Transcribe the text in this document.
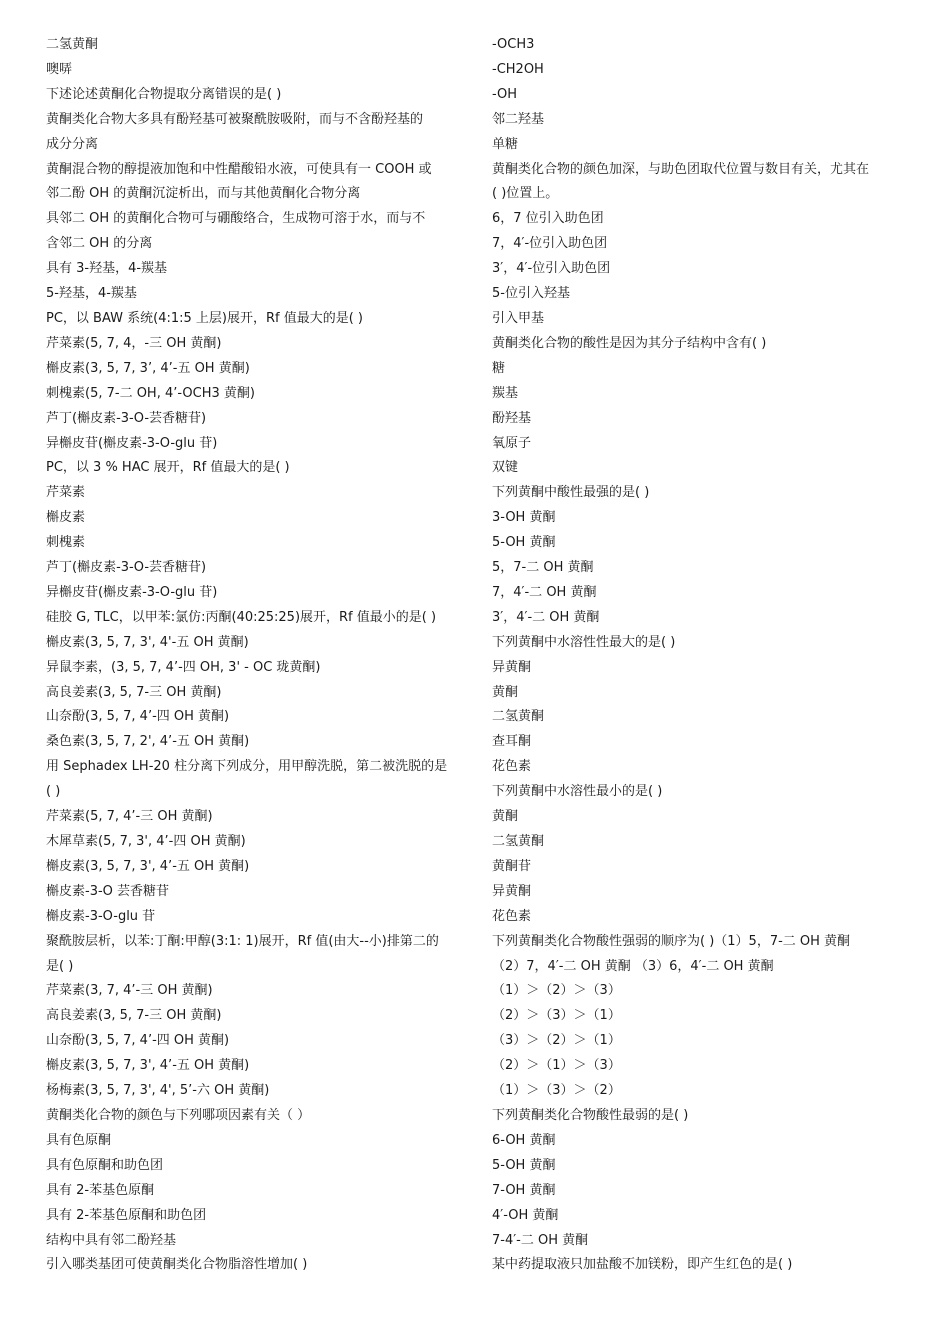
二氢黄酮
噢哢
下述论述黄酮化合物提取分离错误的是( )
黄酮类化合物大多具有酚羟基可被聚酰胺吸附，而与不含酚羟基的
成分分离
黄酮混合物的醇提液加饱和中性醋酸铅水液，可使具有一 COOH 或
邻二酚 OH 的黄酮沉淀析出，而与其他黄酮化合物分离
具邻二 OH 的黄酮化合物可与硼酸络合，生成物可溶于水，而与不
含邻二 OH 的分离
具有 3-羟基，4-羰基
5-羟基，4-羰基
PC，以 BAW 系统(4:1:5 上层)展开，Rf 值最大的是( )
芹菜素(5, 7, 4，-三 OH 黄酮)
槲皮素(3, 5, 7, 3’, 4’-五 OH 黄酮)
刺槐素(5, 7-二 OH, 4’-OCH3 黄酮)
芦丁(槲皮素-3-O-芸香糖苷)
异槲皮苷(槲皮素-3-O-glu 苷)
PC，以 3 % HAC 展开，Rf 值最大的是( )
芹菜素
槲皮素
刺槐素
芦丁(槲皮素-3-O-芸香糖苷)
异槲皮苷(槲皮素-3-O-glu 苷)
硅胶 G, TLC，以甲苯:氯仿:丙酮(40:25:25)展开，Rf 值最小的是( )
槲皮素(3, 5, 7, 3', 4'-五 OH 黄酮)
异鼠李素，(3, 5, 7, 4’-四 OH, 3' - OC 珑黄酮)
高良姜素(3, 5, 7-三 OH 黄酮)
山奈酚(3, 5, 7, 4’-四 OH 黄酮)
桑色素(3, 5, 7, 2', 4’-五 OH 黄酮)
用 Sephadex LH-20 柱分离下列成分，用甲醇洗脱，第二被洗脱的是
( )
芹菜素(5, 7, 4’-三 OH 黄酮)
木犀草素(5, 7, 3', 4’-四 OH 黄酮)
槲皮素(3, 5, 7, 3', 4’-五 OH 黄酮)
槲皮素-3-O 芸香糖苷
槲皮素-3-O-glu 苷
聚酰胺层析，以苯:丁酮:甲醇(3:1: 1)展开，Rf 值(由大--小)排第二的
是( )
芹菜素(3, 7, 4’-三 OH 黄酮)
高良姜素(3, 5, 7-三 OH 黄酮)
山奈酚(3, 5, 7, 4’-四 OH 黄酮)
槲皮素(3, 5, 7, 3', 4’-五 OH 黄酮)
杨梅素(3, 5, 7, 3', 4', 5’-六 OH 黄酮)
黄酮类化合物的颜色与下列哪项因素有关（ ）
具有色原酮
具有色原酮和助色团
具有 2-苯基色原酮
具有 2-苯基色原酮和助色团
结构中具有邻二酚羟基
引入哪类基团可使黄酮类化合物脂溶性增加( )
-OCH3
-CH2OH
-OH
邻二羟基
单糖
黄酮类化合物的颜色加深，与助色团取代位置与数目有关，尤其在
( )位置上。
6，7 位引入助色团
7，4′-位引入助色团
3′，4′-位引入助色团
5-位引入羟基
引入甲基
黄酮类化合物的酸性是因为其分子结构中含有( )
糖
羰基
酚羟基
氧原子
双键
下列黄酮中酸性最强的是( )
3-OH 黄酮
5-OH 黄酮
5，7-二 OH 黄酮
7，4′-二 OH 黄酮
3′，4′-二 OH 黄酮
下列黄酮中水溶性性最大的是( )
异黄酮
黄酮
二氢黄酮
查耳酮
花色素
下列黄酮中水溶性最小的是( )
黄酮
二氢黄酮
黄酮苷
异黄酮
花色素
下列黄酮类化合物酸性强弱的顺序为( )（1）5，7-二 OH 黄酮
（2）7，4′-二 OH 黄酮 （3）6，4′-二 OH 黄酮
（1）＞（2）＞（3）
（2）＞（3）＞（1）
（3）＞（2）＞（1）
（2）＞（1）＞（3）
（1）＞（3）＞（2）
下列黄酮类化合物酸性最弱的是( )
6-OH 黄酮
5-OH 黄酮
7-OH 黄酮
4′-OH 黄酮
7-4′-二 OH 黄酮
某中药提取液只加盐酸不加镁粉，即产生红色的是( )
